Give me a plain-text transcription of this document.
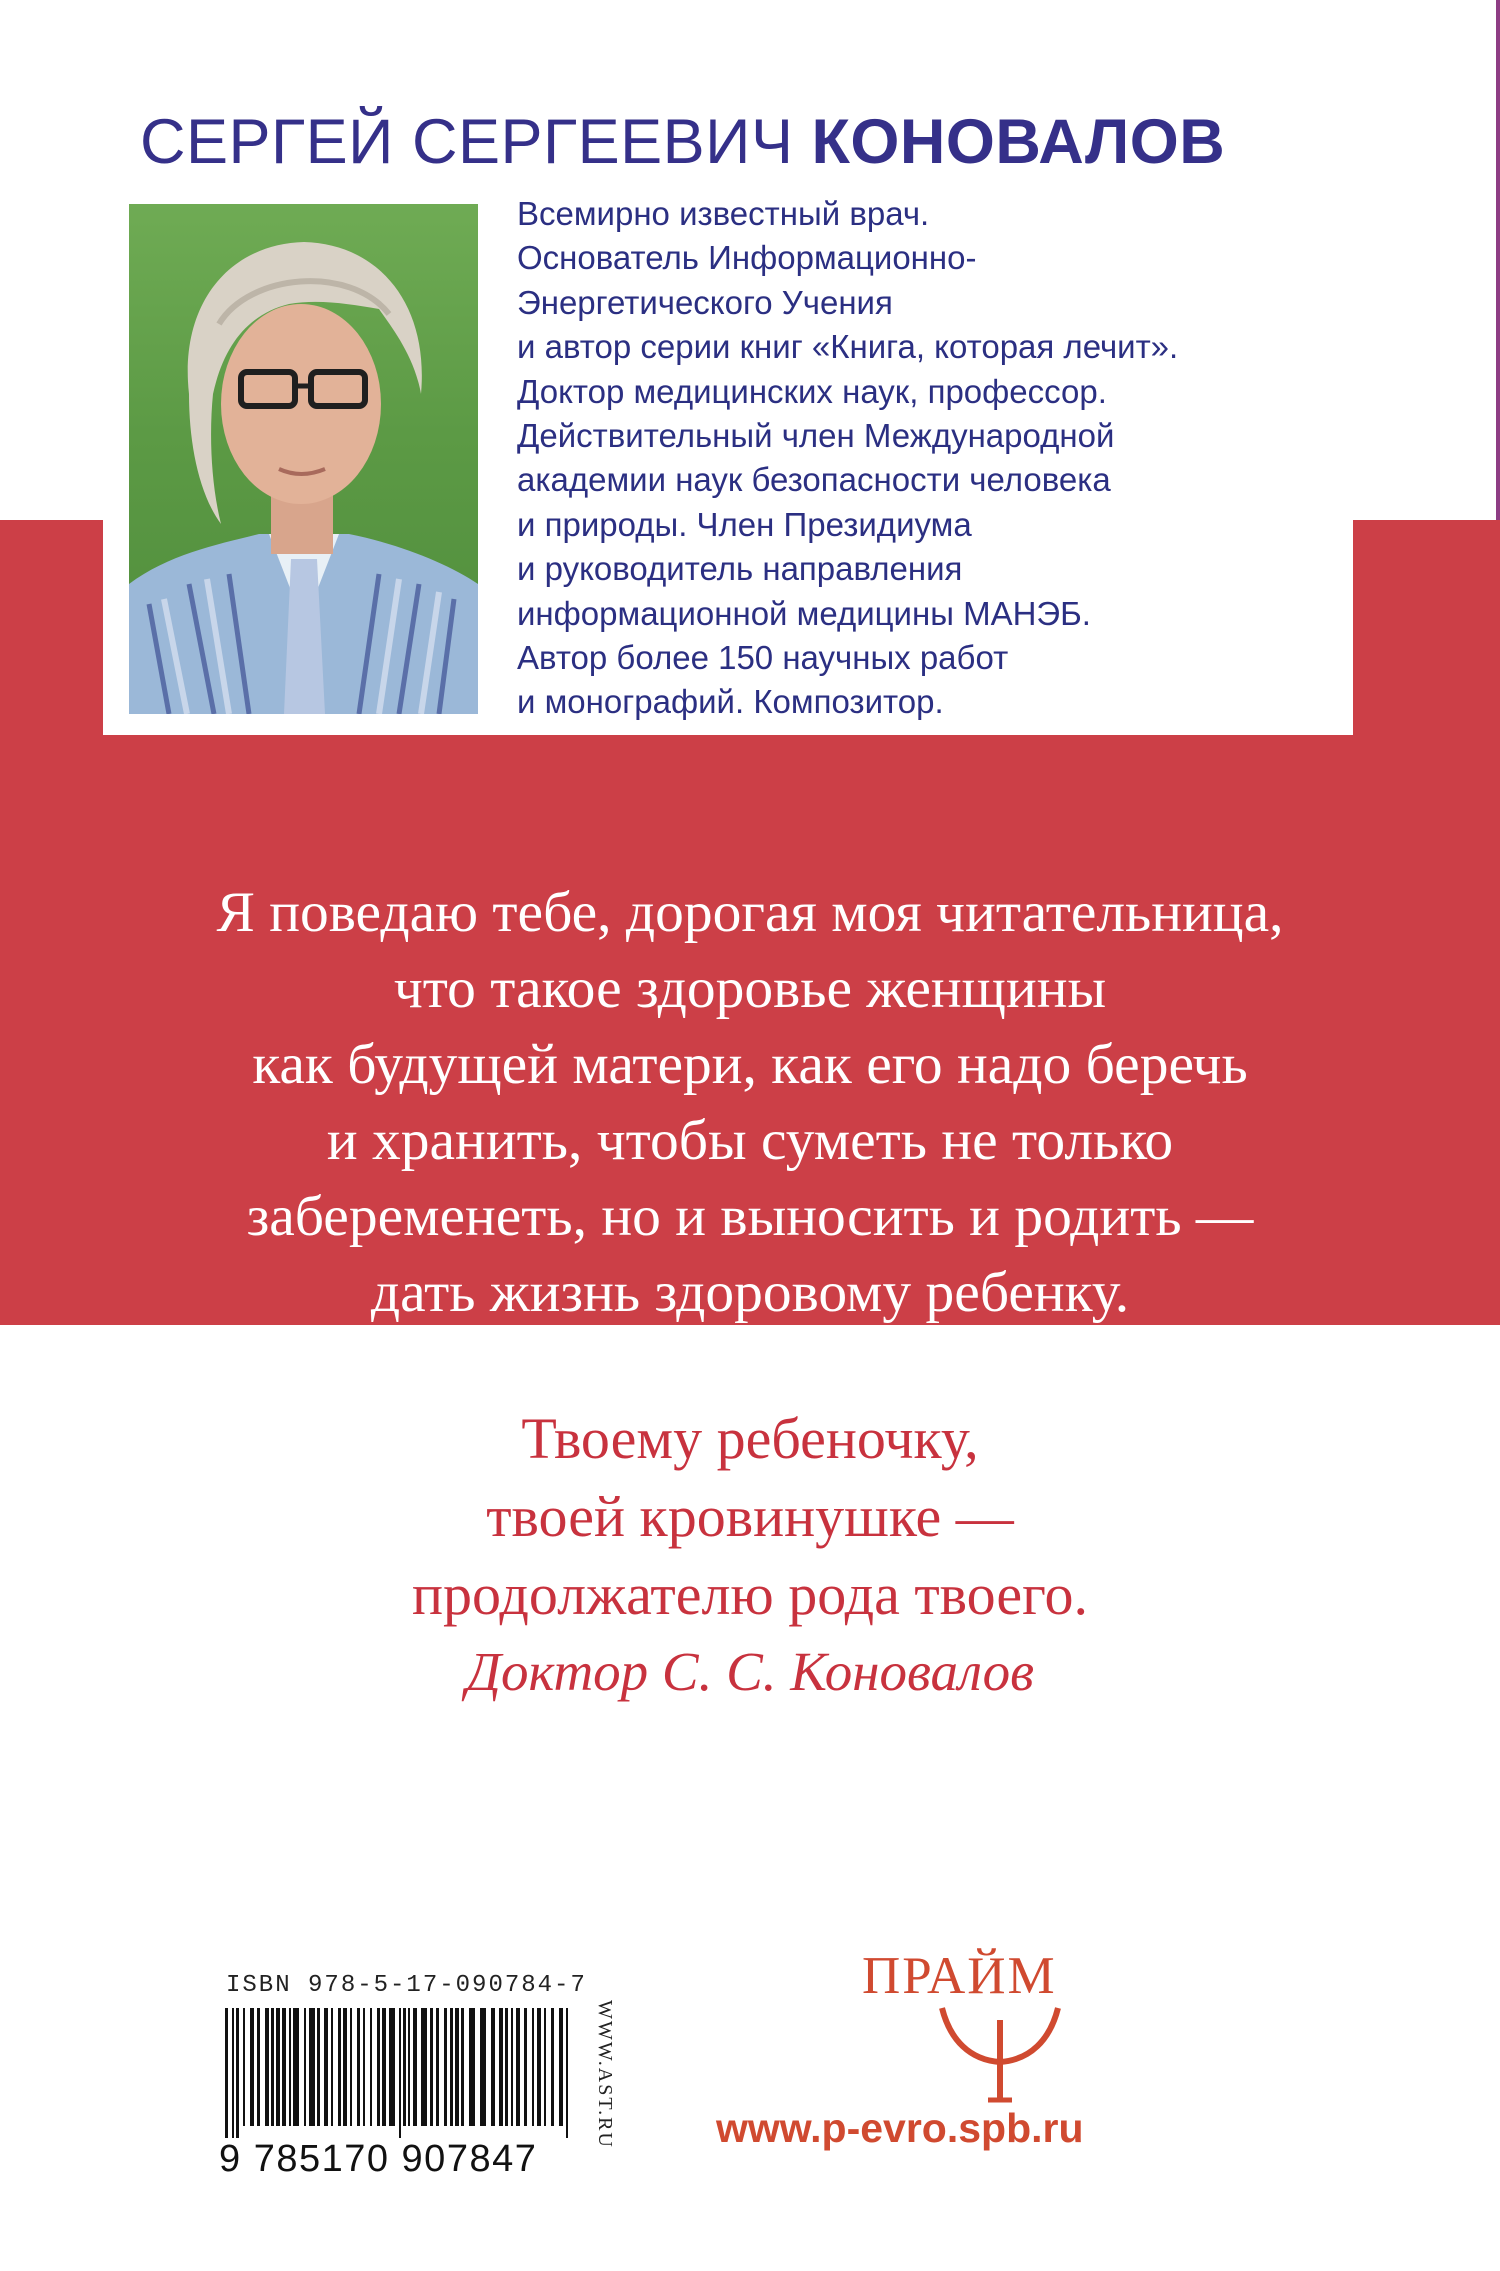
СЕРГЕЙ СЕРГЕЕВИЧ КОНОВАЛОВ
Всемирно известный врач.
Основатель Информационно-
Энергетического Учения
и автор серии книг «Книга, которая лечит».
Доктор медицинских наук, профессор.
Действительный член Международной
академии наук безопасности человека
и природы. Член Президиума
и руководитель направления
информационной медицины МАНЭБ.
Автор более 150 научных работ
и монографий. Композитор.
Я поведаю тебе, дорогая моя читательница,
что такое здоровье женщины
как будущей матери, как его надо беречь
и хранить, чтобы суметь не только
забеременеть, но и выносить и родить —
дать жизнь здоровому ребенку.
Твоему ребеночку,
твоей кровинушке —
продолжателю рода твоего.
Доктор С. С. Коновалов
ISBN 978-5-17-090784-7
9 785170 907847
WWW.AST.RU
ПРАЙМ
www.p-evro.spb.ru
